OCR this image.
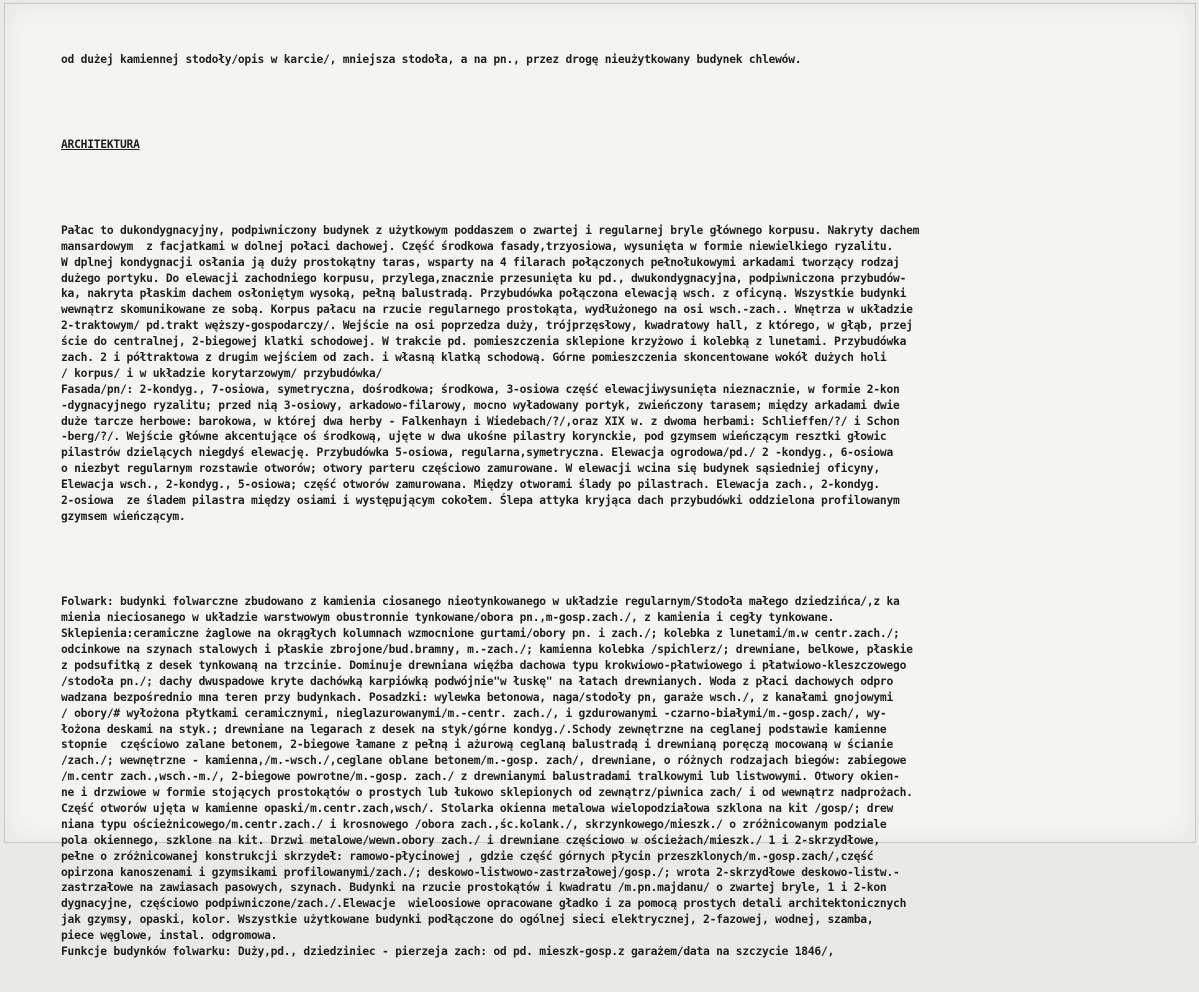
od dużej kamiennej stodoły/opis w karcie/, mniejsza stodoła, a na pn., przez drogę nieużytkowany budynek chlewów.

ARCHITEKTURA

Pałac to dukondygnacyjny, podpiwniczony budynek z użytkowym poddaszem o zwartej i regularnej bryle głównego korpusu. Nakryty dachem
mansardowym  z facjatkami w dolnej połaci dachowej. Część środkowa fasady,trzyosiowa, wysunięta w formie niewielkiego ryzalitu.
W dplnej kondygnacji osłania ją duży prostokątny taras, wsparty na 4 filarach połączonych pełnołukowymi arkadami tworzący rodzaj
dużego portyku. Do elewacji zachodniego korpusu, przylega,znacznie przesunięta ku pd., dwukondygnacyjna, podpiwniczona przybudów-
ka, nakryta płaskim dachem osłoniętym wysoką, pełną balustradą. Przybudówka połączona elewacją wsch. z oficyną. Wszystkie budynki
wewnątrz skomunikowane ze sobą. Korpus pałacu na rzucie regularnego prostokąta, wydłużonego na osi wsch.-zach.. Wnętrza w układzie
2-traktowym/ pd.trakt węższy-gospodarczy/. Wejście na osi poprzedza duży, trójprzęsłowy, kwadratowy hall, z którego, w głąb, przej
ście do centralnej, 2-biegowej klatki schodowej. W trakcie pd. pomieszczenia sklepione krzyżowo i kolebką z lunetami. Przybudówka
zach. 2 i półtraktowa z drugim wejściem od zach. i własną klatką schodową. Górne pomieszczenia skoncentowane wokół dużych holi
/ korpus/ i w układzie korytarzowym/ przybudówka/
Fasada/pn/: 2-kondyg., 7-osiowa, symetryczna, dośrodkowa; środkowa, 3-osiowa część elewacjiwysunięta nieznacznie, w formie 2-kon
-dygnacyjnego ryzalitu; przed nią 3-osiowy, arkadowo-filarowy, mocno wyładowany portyk, zwieńczony tarasem; między arkadami dwie
duże tarcze herbowe: barokowa, w której dwa herby - Falkenhayn i Wiedebach/?/,oraz XIX w. z dwoma herbami: Schlieffen/?/ i Schon
-berg/?/. Wejście główne akcentujące oś środkową, ujęte w dwa ukośne pilastry korynckie, pod gzymsem wieńczącym resztki głowic
pilastrów dzielących niegdyś elewację. Przybudówka 5-osiowa, regularna,symetryczna. Elewacja ogrodowa/pd./ 2 -kondyg., 6-osiowa
o niezbyt regularnym rozstawie otworów; otwory parteru częściowo zamurowane. W elewacji wcina się budynek sąsiedniej oficyny,
Elewacja wsch., 2-kondyg., 5-osiowa; część otworów zamurowana. Między otworami ślady po pilastrach. Elewacja zach., 2-kondyg.
2-osiowa  ze śladem pilastra między osiami i występującym cokołem. Ślepa attyka kryjąca dach przybudówki oddzielona profilowanym
gzymsem wieńczącym.

Folwark: budynki folwarczne zbudowano z kamienia ciosanego nieotynkowanego w układzie regularnym/Stodoła małego dziedzińca/,z ka
mienia nieciosanego w układzie warstwowym obustronnie tynkowane/obora pn.,m-gosp.zach./, z kamienia i cegły tynkowane.
Sklepienia:ceramiczne żaglowe na okrągłych kolumnach wzmocnione gurtami/obory pn. i zach./; kolebka z lunetami/m.w centr.zach./;
odcinkowe na szynach stalowych i płaskie zbrojone/bud.bramny, m.-zach./; kamienna kolebka /spichlerz/; drewniane, belkowe, płaskie
z podsufitką z desek tynkowaną na trzcinie. Dominuje drewniana więźba dachowa typu krokwiowo-płatwiowego i płatwiowo-kleszczowego
/stodoła pn./; dachy dwuspadowe kryte dachówką karpiówką podwójnie"w łuskę" na łatach drewnianych. Woda z płaci dachowych odpro
wadzana bezpośrednio mna teren przy budynkach. Posadzki: wylewka betonowa, naga/stodoły pn, garaże wsch./, z kanałami gnojowymi
/ obory/# wyłożona płytkami ceramicznymi, nieglazurowanymi/m.-centr. zach./, i gzdurowanymi -czarno-białymi/m.-gosp.zach/, wy-
łożona deskami na styk.; drewniane na legarach z desek na styk/górne kondyg./.Schody zewnętrzne na ceglanej podstawie kamienne
stopnie  częściowo zalane betonem, 2-biegowe łamane z pełną i ażurową ceglaną balustradą i drewnianą poręczą mocowaną w ścianie
/zach./; wewnętrzne - kamienna,/m.-wsch./,ceglane oblane betonem/m.-gosp. zach/, drewniane, o różnych rodzajach biegów: zabiegowe
/m.centr zach.,wsch.-m./, 2-biegowe powrotne/m.-gosp. zach./ z drewnianymi balustradami tralkowymi lub listwowymi. Otwory okien-
ne i drzwiowe w formie stojących prostokątów o prostych lub łukowo sklepionych od zewnątrz/piwnica zach/ i od wewnątrz nadprożach.
Część otworów ujęta w kamienne opaski/m.centr.zach,wsch/. Stolarka okienna metalowa wielopodziałowa szklona na kit /gosp/; drew
niana typu ościeżnicowego/m.centr.zach./ i krosnowego /obora zach.,śc.kolank./, skrzynkowego/mieszk./ o zróżnicowanym podziale
pola okiennego, szklone na kit. Drzwi metalowe/wewn.obory zach./ i drewniane częściowo w ościeżach/mieszk./ 1 i 2-skrzydłowe,
pełne o zróżnicowanej konstrukcji skrzydeł: ramowo-płycinowej , gdzie część górnych płycin przeszklonych/m.-gosp.zach/,część
opirzona kanoszenami i gzymsikami profilowanymi/zach./; deskowo-listwowo-zastrzałowej/gosp./; wrota 2-skrzydłowe deskowo-listw.-
zastrzałowe na zawiasach pasowych, szynach. Budynki na rzucie prostokątów i kwadratu /m.pn.majdanu/ o zwartej bryle, 1 i 2-kon
dygnacyjne, częściowo podpiwniczone/zach./.Elewacje  wieloosiowe opracowane gładko i za pomocą prostych detali architektonicznych
jak gzymsy, opaski, kolor. Wszystkie użytkowane budynki podłączone do ogólnej sieci elektrycznej, 2-fazowej, wodnej, szamba,
piece węglowe, instal. odgromowa.
Funkcje budynków folwarku: Duży,pd., dziedziniec - pierzeja zach: od pd. mieszk-gosp.z garażem/data na szczycie 1846/,
